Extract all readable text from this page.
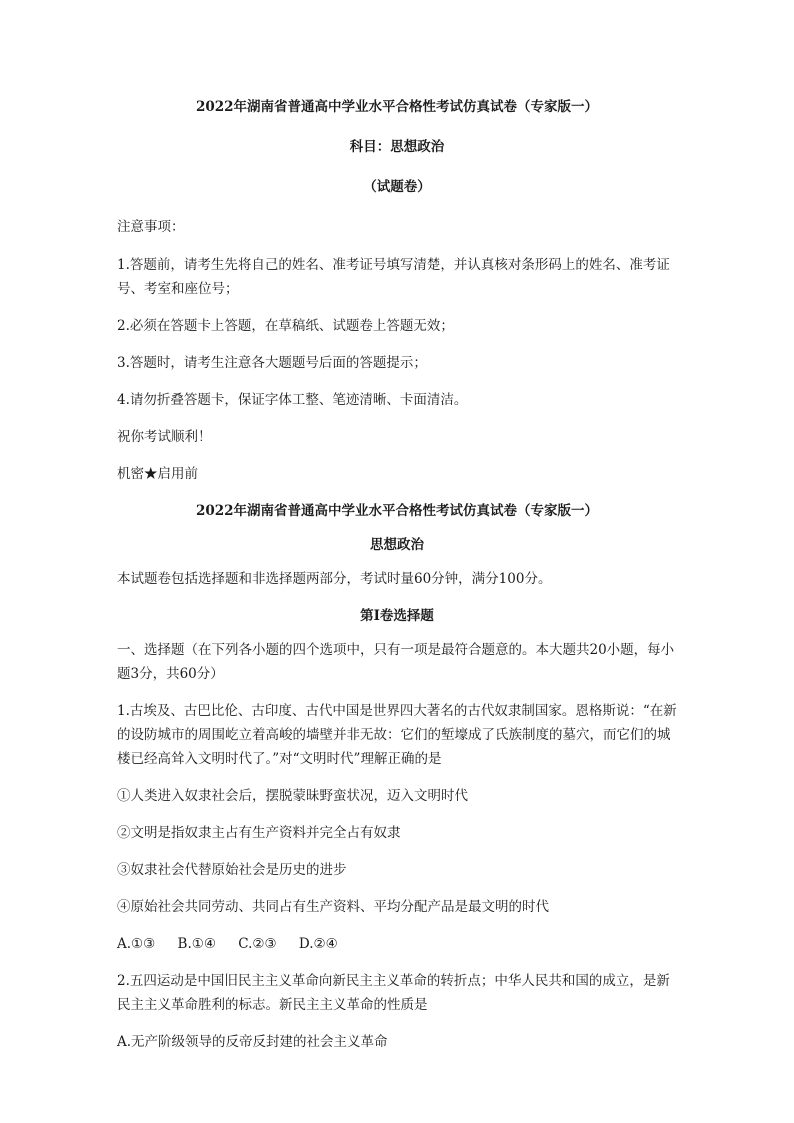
2022年湖南省普通高中学业水平合格性考试仿真试卷（专家版一）
科目：思想政治
（试题卷）
注意事项：
1.答题前，请考生先将自己的姓名、准考证号填写清楚，并认真核对条形码上的姓名、准考证号、考室和座位号；
2.必须在答题卡上答题，在草稿纸、试题卷上答题无效；
3.答题时，请考生注意各大题题号后面的答题提示；
4.请勿折叠答题卡，保证字体工整、笔迹清晰、卡面清洁。
祝你考试顺利！
机密★启用前
2022年湖南省普通高中学业水平合格性考试仿真试卷（专家版一）
思想政治
本试题卷包括选择题和非选择题两部分，考试时量60分钟，满分100分。
第I卷选择题
一、选择题（在下列各小题的四个选项中，只有一项是最符合题意的。本大题共20小题，每小题3分，共60分）
1.古埃及、古巴比伦、古印度、古代中国是世界四大著名的古代奴隶制国家。恩格斯说：“在新的设防城市的周围屹立着高峻的墙壁并非无故：它们的堑壕成了氏族制度的墓穴，而它们的城楼已经高耸入文明时代了。”对“文明时代”理解正确的是
①人类进入奴隶社会后，摆脱蒙昧野蛮状况，迈入文明时代
②文明是指奴隶主占有生产资料并完全占有奴隶
③奴隶社会代替原始社会是历史的进步
④原始社会共同劳动、共同占有生产资料、平均分配产品是最文明的时代
A.①③ B.①④ C.②③ D.②④
2.五四运动是中国旧民主主义革命向新民主主义革命的转折点；中华人民共和国的成立，是新民主主义革命胜利的标志。新民主主义革命的性质是
A.无产阶级领导的反帝反封建的社会主义革命
